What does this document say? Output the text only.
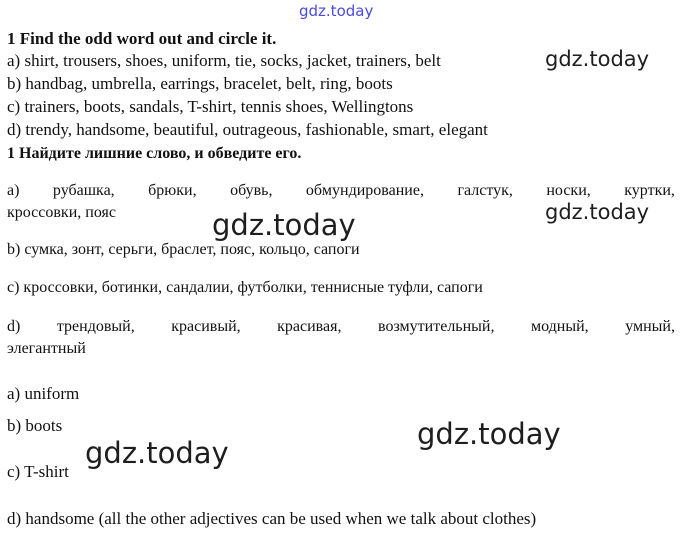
gdz.today
1 Find the odd word out and circle it.
a) shirt, trousers, shoes, uniform, tie, socks, jacket, trainers, belt
b) handbag, umbrella, earrings, bracelet, belt, ring, boots
c) trainers, boots, sandals, T-shirt, tennis shoes, Wellingtons
d) trendy, handsome, beautiful, outrageous, fashionable, smart, elegant
1 Найдите лишние слово, и обведите его.
а) рубашка, брюки, обувь, обмундирование, галстук, носки, куртки,
кроссовки, пояс
b) сумка, зонт, серьги, браслет, пояс, кольцо, сапоги
c) кроссовки, ботинки, сандалии, футболки, теннисные туфли, сапоги
d) трендовый, красивый, красивая, возмутительный, модный, умный,
элегантный
a) uniform
b) boots
c) T-shirt
d) handsome (all the other adjectives can be used when we talk about clothes)
gdz.today
gdz.today
gdz.today
gdz.today
gdz.today
